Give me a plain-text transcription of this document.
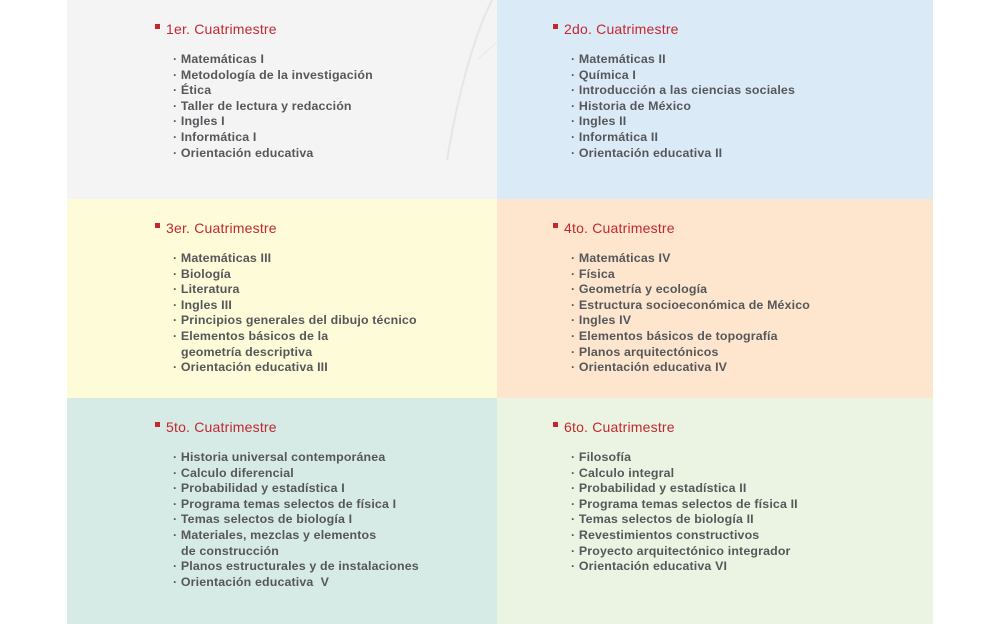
1er. Cuatrimestre
· Matemáticas I
· Metodología de la investigación
· Ética
· Taller de lectura y redacción
· Ingles I
· Informática I
· Orientación educativa
2do. Cuatrimestre
· Matemáticas II
· Química I
· Introducción a las ciencias sociales
· Historia de México
· Ingles II
· Informática II
· Orientación educativa II
3er. Cuatrimestre
· Matemáticas III
· Biología
· Literatura
· Ingles III
· Principios generales del dibujo técnico
· Elementos básicos de la
geometría descriptiva
· Orientación educativa III
4to. Cuatrimestre
· Matemáticas IV
· Física
· Geometría y ecología
· Estructura socioeconómica de México
· Ingles IV
· Elementos básicos de topografía
· Planos arquitectónicos
· Orientación educativa IV
5to. Cuatrimestre
· Historia universal contemporánea
· Calculo diferencial
· Probabilidad y estadística I
· Programa temas selectos de física I
· Temas selectos de biología I
· Materiales, mezclas y elementos
de construcción
· Planos estructurales y de instalaciones
· Orientación educativa  V
6to. Cuatrimestre
· Filosofía
· Calculo integral
· Probabilidad y estadística II
· Programa temas selectos de física II
· Temas selectos de biología II
· Revestimientos constructivos
· Proyecto arquitectónico integrador
· Orientación educativa VI
